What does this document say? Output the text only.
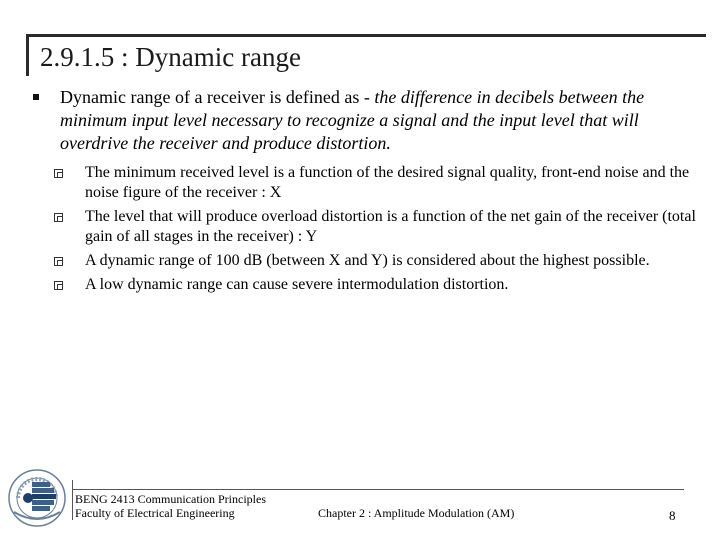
2.9.1.5 : Dynamic range
Dynamic range of a receiver is defined as - the difference in decibels between the minimum input level necessary to recognize a signal and the input level that will overdrive the receiver and produce distortion.
The minimum received level is a function of the desired signal quality, front-end noise and the noise figure of the receiver : X
The level that will produce overload distortion is a function of the net gain of the receiver (total gain of all stages in the receiver) : Y
A dynamic range of 100 dB (between X and Y) is considered about the highest possible.
A low dynamic range can cause severe intermodulation distortion.
BENG 2413 Communication Principles
Faculty of Electrical Engineering	Chapter 2 : Amplitude Modulation (AM)	8
